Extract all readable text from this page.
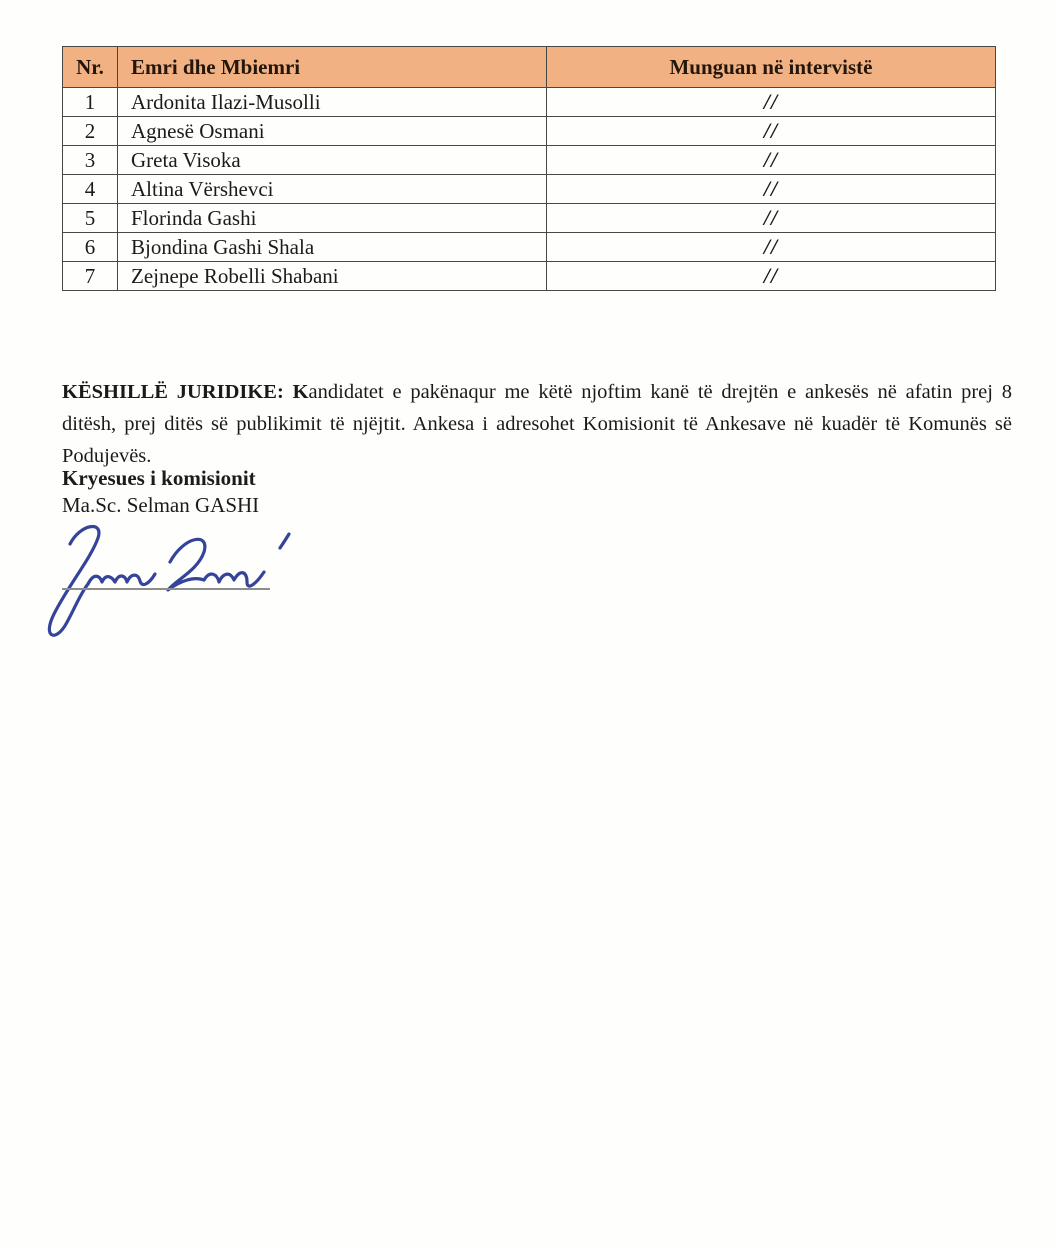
Nr.	Emri dhe Mbiemri	Munguan në intervistë
1	Ardonita Ilazi-Musolli	//
2	Agnesë Osmani	//
3	Greta Visoka	//
4	Altina Vërshevci	//
5	Florinda Gashi	//
6	Bjondina Gashi Shala	//
7	Zejnepe Robelli Shabani	//

KËSHILLË JURIDIKE: Kandidatet e pakënaqur me këtë njoftim kanë të drejtën e ankesës në afatin prej 8 ditësh, prej ditës së publikimit të njëjtit. Ankesa i adresohet Komisionit të Ankesave në kuadër të Komunës së Podujevës.

Kryesues i komisionit
Ma.Sc. Selman GASHI
